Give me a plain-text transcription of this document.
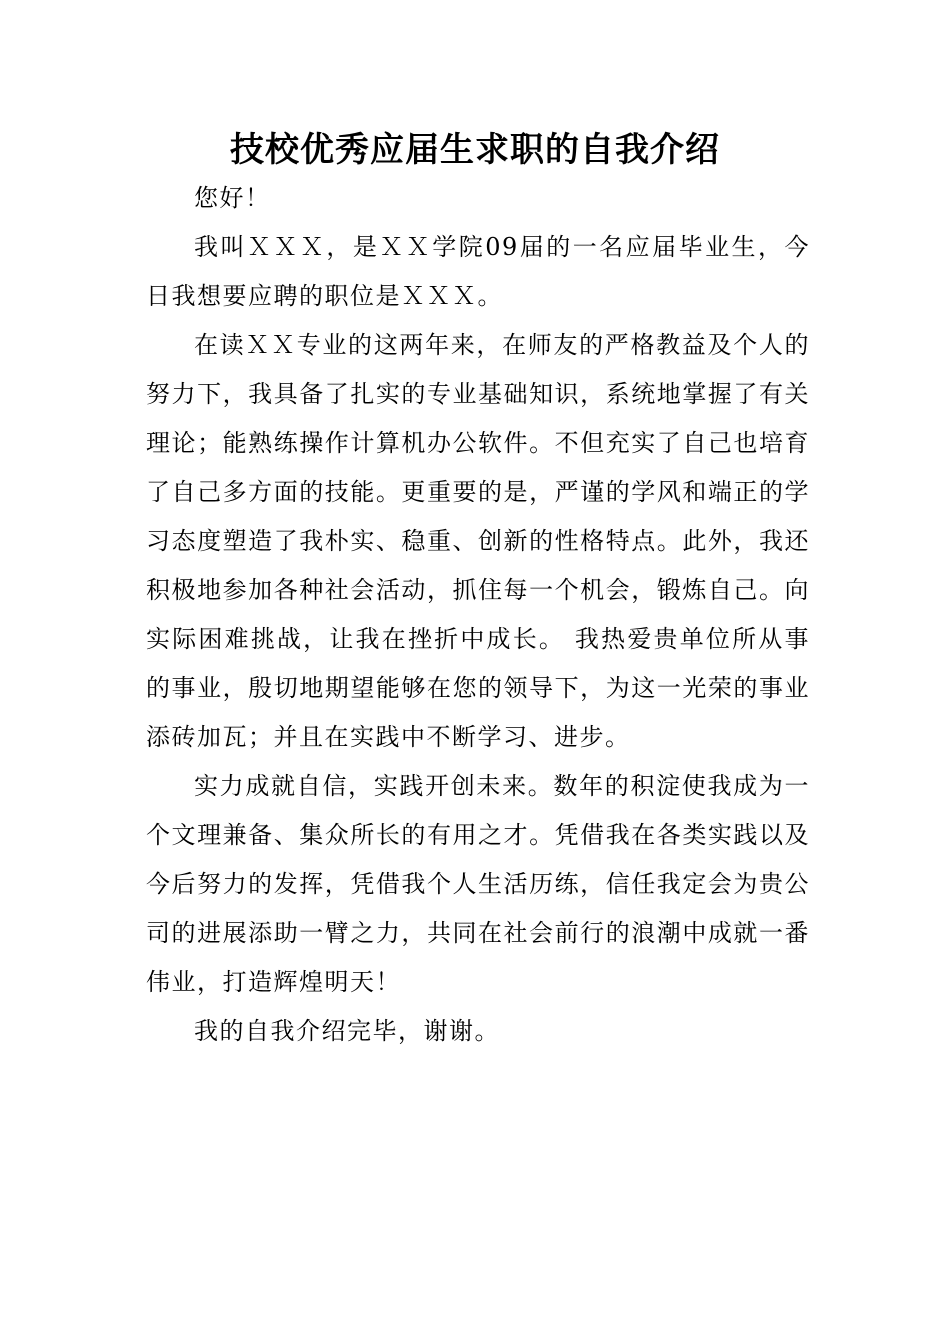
技校优秀应届生求职的自我介绍

您好！

我叫ＸＸＸ，是ＸＸ学院09届的一名应届毕业生，今日我想要应聘的职位是ＸＸＸ。

在读ＸＸ专业的这两年来，在师友的严格教益及个人的努力下，我具备了扎实的专业基础知识，系统地掌握了有关理论；能熟练操作计算机办公软件。不但充实了自己也培育了自己多方面的技能。更重要的是，严谨的学风和端正的学习态度塑造了我朴实、稳重、创新的性格特点。此外，我还积极地参加各种社会活动，抓住每一个机会，锻炼自己。向实际困难挑战，让我在挫折中成长。 我热爱贵单位所从事的事业，殷切地期望能够在您的领导下，为这一光荣的事业添砖加瓦；并且在实践中不断学习、进步。

实力成就自信，实践开创未来。数年的积淀使我成为一个文理兼备、集众所长的有用之才。凭借我在各类实践以及今后努力的发挥，凭借我个人生活历练，信任我定会为贵公司的进展添助一臂之力，共同在社会前行的浪潮中成就一番伟业，打造辉煌明天！

我的自我介绍完毕，谢谢。
